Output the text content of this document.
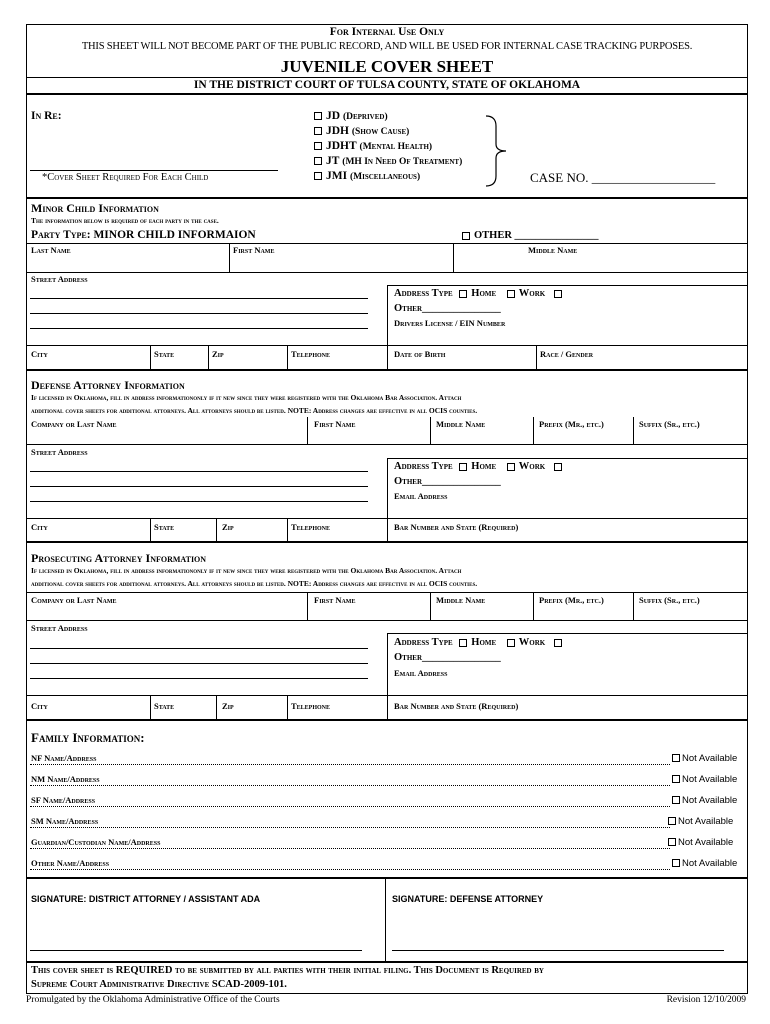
For Internal Use Only
THIS SHEET WILL NOT BECOME PART OF THE PUBLIC RECORD, AND WILL BE USED FOR INTERNAL CASE TRACKING PURPOSES.
JUVENILE COVER SHEET
IN THE DISTRICT COURT OF TULSA COUNTY, STATE OF OKLAHOMA
In Re:
*Cover Sheet Required For Each Child
JD (Deprived)
JDH (Show Cause)
JDHT (Mental Health)
JT (MH In Need Of Treatment)
JMI (Miscellaneous)	CASE NO. ___________________
Minor Child Information
The information below is required of each party in the case.
Party Type: MINOR CHILD INFORMAION	OTHER ________________
Last Name	First Name	Middle Name
Street Address
Address Type Home Work
Other_______________
Drivers License / EIN Number
City	State	Zip	Telephone	Date of Birth	Race / Gender
Defense Attorney Information
If licensed in Oklahoma, fill in address informationonly if it new since they were registered with the Oklahoma Bar Association. Attach
additional cover sheets for additional attorneys. All attorneys should be listed. NOTE: Address changes are effective in all OCIS counties.
Company or Last Name	First Name	Middle Name	Prefix (Mr., etc.)	Suffix (Sr., etc.)
Street Address
Address Type Home Work
Other_______________
Email Address
City	State	Zip	Telephone	Bar Number and State (Required)
Prosecuting Attorney Information
If licensed in Oklahoma, fill in address informationonly if it new since they were registered with the Oklahoma Bar Association. Attach
additional cover sheets for additional attorneys. All attorneys should be listed. NOTE: Address changes are effective in all OCIS counties.
Company or Last Name	First Name	Middle Name	Prefix (Mr., etc.)	Suffix (Sr., etc.)
Street Address
Address Type Home Work
Other_______________
Email Address
City	State	Zip	Telephone	Bar Number and State (Required)
Family Information:
NF Name/Address	Not Available
NM Name/Address	Not Available
SF Name/Address	Not Available
SM Name/Address	Not Available
Guardian/Custodian Name/Address	Not Available
Other Name/Address	Not Available
SIGNATURE: DISTRICT ATTORNEY / ASSISTANT ADA	SIGNATURE: DEFENSE ATTORNEY
This cover sheet is REQUIRED to be submitted by all parties with their initial filing. This Document is Required by
Supreme Court Administrative Directive SCAD-2009-101.
Promulgated by the Oklahoma Administrative Office of the Courts	Revision 12/10/2009
